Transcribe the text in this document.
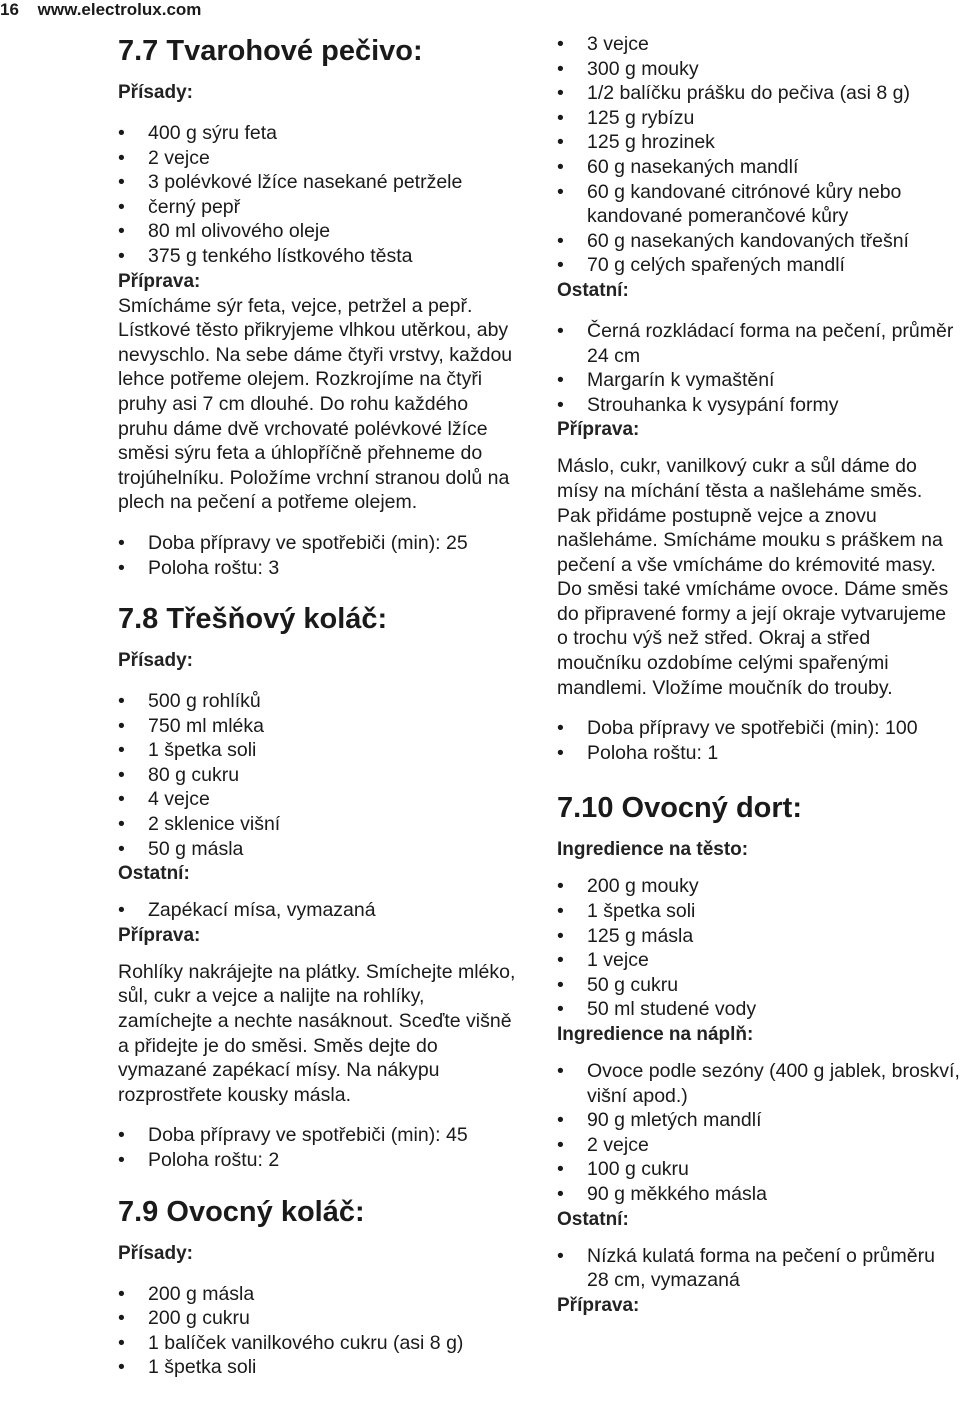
16 www.electrolux.com
7.7 Tvarohové pečivo:
Přísady:
• 400 g sýru feta
• 2 vejce
• 3 polévkové lžíce nasekané petržele
• černý pepř
• 80 ml olivového oleje
• 375 g tenkého lístkového těsta
Příprava:

Smícháme sýr feta, vejce, petržel a pepř. Lístkové těsto přikryjeme vlhkou utěrkou, aby nevyschlo. Na sebe dáme čtyři vrstvy, každou lehce potřeme olejem. Rozkrojíme na čtyři pruhy asi 7 cm dlouhé. Do rohu každého pruhu dáme dvě vrchovaté polévkové lžíce směsi sýru feta a úhlopříčně přehneme do trojúhelníku. Položíme vrchní stranou dolů na plech na pečení a potřeme olejem.

• Doba přípravy ve spotřebiči (min): 25
• Poloha roštu: 3
7.8 Třešňový koláč:
Přísady:
• 500 g rohlíků
• 750 ml mléka
• 1 špetka soli
• 80 g cukru
• 4 vejce
• 2 sklenice višní
• 50 g másla
Ostatní:
• Zapékací mísa, vymazaná
Příprava:

Rohlíky nakrájejte na plátky. Smíchejte mléko, sůl, cukr a vejce a nalijte na rohlíky, zamíchejte a nechte nasáknout. Sceďte višně a přidejte je do směsi. Směs dejte do vymazané zapékací mísy. Na nákypu rozprostřete kousky másla.

• Doba přípravy ve spotřebiči (min): 45
• Poloha roštu: 2
7.9 Ovocný koláč:
Přísady:
• 200 g másla
• 200 g cukru
• 1 balíček vanilkového cukru (asi 8 g)
• 1 špetka soli
• 3 vejce
• 300 g mouky
• 1/2 balíčku prášku do pečiva (asi 8 g)
• 125 g rybízu
• 125 g hrozinek
• 60 g nasekaných mandlí
• 60 g kandované citrónové kůry nebo kandované pomerančové kůry
• 60 g nasekaných kandovaných třešní
• 70 g celých spařených mandlí
Ostatní:
• Černá rozkládací forma na pečení, průměr 24 cm
• Margarín k vymaštění
• Strouhanka k vysypání formy
Příprava:

Máslo, cukr, vanilkový cukr a sůl dáme do mísy na míchání těsta a našleháme směs. Pak přidáme postupně vejce a znovu našleháme. Smícháme mouku s práškem na pečení a vše vmícháme do krémovité masy. Do směsi také vmícháme ovoce. Dáme směs do připravené formy a její okraje vytvarujeme o trochu výš než střed. Okraj a střed moučníku ozdobíme celými spařenými mandlemi. Vložíme moučník do trouby.

• Doba přípravy ve spotřebiči (min): 100
• Poloha roštu: 1
7.10 Ovocný dort:
Ingredience na těsto:
• 200 g mouky
• 1 špetka soli
• 125 g másla
• 1 vejce
• 50 g cukru
• 50 ml studené vody
Ingredience na náplň:
• Ovoce podle sezóny (400 g jablek, broskví, višní apod.)
• 90 g mletých mandlí
• 2 vejce
• 100 g cukru
• 90 g měkkého másla
Ostatní:
• Nízká kulatá forma na pečení o průměru 28 cm, vymazaná
Příprava:
